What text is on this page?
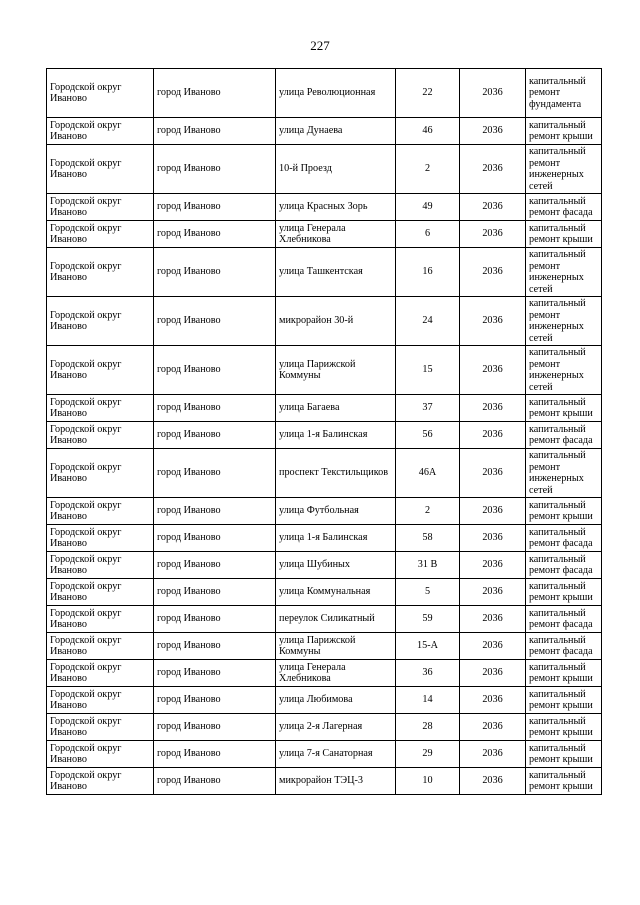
227
Городской округ Иваново	город Иваново	улица Революционная	22	2036	капитальный ремонт фундамента
Городской округ Иваново	город Иваново	улица Дунаева	46	2036	капитальный ремонт крыши
Городской округ Иваново	город Иваново	10-й Проезд	2	2036	капитальный ремонт инженерных сетей
Городской округ Иваново	город Иваново	улица Красных Зорь	49	2036	капитальный ремонт фасада
Городской округ Иваново	город Иваново	улица Генерала Хлебникова	6	2036	капитальный ремонт крыши
Городской округ Иваново	город Иваново	улица Ташкентская	16	2036	капитальный ремонт инженерных сетей
Городской округ Иваново	город Иваново	микрорайон 30-й	24	2036	капитальный ремонт инженерных сетей
Городской округ Иваново	город Иваново	улица Парижской Коммуны	15	2036	капитальный ремонт инженерных сетей
Городской округ Иваново	город Иваново	улица Багаева	37	2036	капитальный ремонт крыши
Городской округ Иваново	город Иваново	улица 1-я Балинская	56	2036	капитальный ремонт фасада
Городской округ Иваново	город Иваново	проспект Текстильщиков	46А	2036	капитальный ремонт инженерных сетей
Городской округ Иваново	город Иваново	улица Футбольная	2	2036	капитальный ремонт крыши
Городской округ Иваново	город Иваново	улица 1-я Балинская	58	2036	капитальный ремонт фасада
Городской округ Иваново	город Иваново	улица Шубиных	31 В	2036	капитальный ремонт фасада
Городской округ Иваново	город Иваново	улица Коммунальная	5	2036	капитальный ремонт крыши
Городской округ Иваново	город Иваново	переулок Силикатный	59	2036	капитальный ремонт фасада
Городской округ Иваново	город Иваново	улица Парижской Коммуны	15-А	2036	капитальный ремонт фасада
Городской округ Иваново	город Иваново	улица Генерала Хлебникова	36	2036	капитальный ремонт крыши
Городской округ Иваново	город Иваново	улица Любимова	14	2036	капитальный ремонт крыши
Городской округ Иваново	город Иваново	улица 2-я Лагерная	28	2036	капитальный ремонт крыши
Городской округ Иваново	город Иваново	улица 7-я Санаторная	29	2036	капитальный ремонт крыши
Городской округ Иваново	город Иваново	микрорайон ТЭЦ-3	10	2036	капитальный ремонт крыши
